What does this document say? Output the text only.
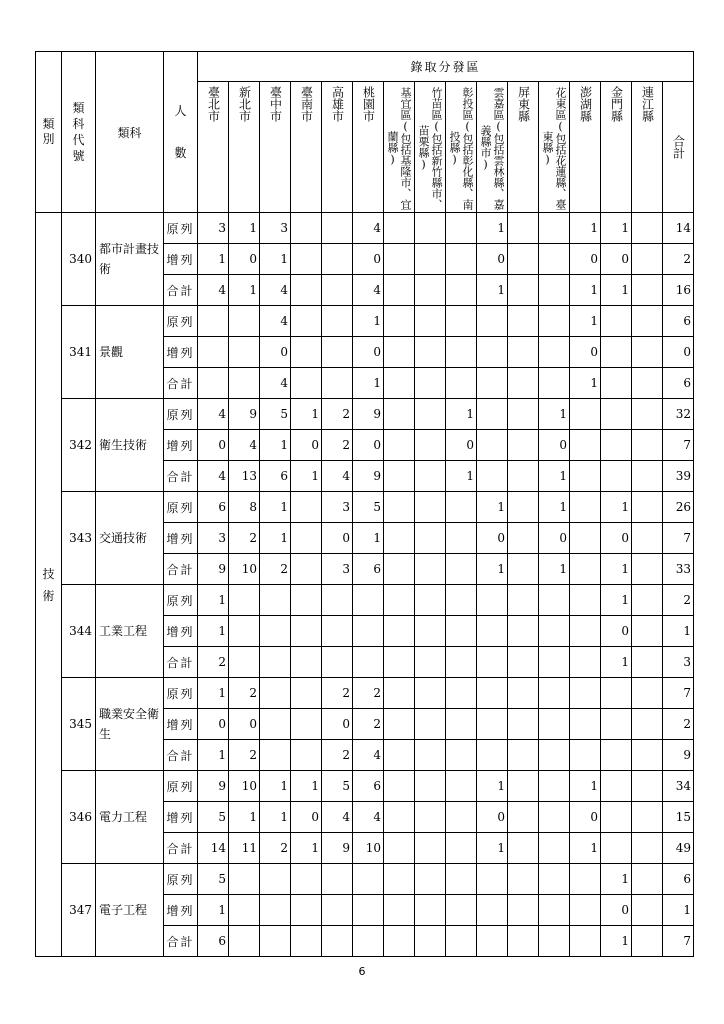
類別	類科代號	類科	人數	錄取分發區															

				臺北市	新北市	臺中市	臺南市	高雄市	桃園市	基宜區(包括基隆市、宜蘭縣)	竹苗區(包括新竹縣市、苗栗縣)	彰投區(包括彰化縣、南投縣)	雲嘉區(包括雲林縣、嘉義縣市)	屏東縣	花東區(包括花蓮縣、臺東縣)	澎湖縣	金門縣	連江縣	合計

技術	340	都市計畫技術	原列	3	1	3			4				1			1	1		14
			增列	1	0	1			0				0			0	0		2
			合計	4	1	4			4				1			1	1		16
	341	景觀	原列			4			1							1			6
			增列			0			0							0			0
			合計			4			1							1			6
	342	衛生技術	原列	4	9	5	1	2	9			1			1				32
			增列	0	4	1	0	2	0			0			0				7
			合計	4	13	6	1	4	9			1			1				39
	343	交通技術	原列	6	8	1		3	5				1		1		1		26
			增列	3	2	1		0	1				0		0		0		7
			合計	9	10	2		3	6				1		1		1		33
	344	工業工程	原列	1													1		2
			增列	1													0		1
			合計	2													1		3
	345	職業安全衛生	原列	1	2			2	2										7
			增列	0	0			0	2										2
			合計	1	2			2	4										9
	346	電力工程	原列	9	10	1	1	5	6				1			1			34
			增列	5	1	1	0	4	4				0			0			15
			合計	14	11	2	1	9	10				1			1			49
	347	電子工程	原列	5													1		6
			增列	1													0		1
			合計	6													1		7
6
